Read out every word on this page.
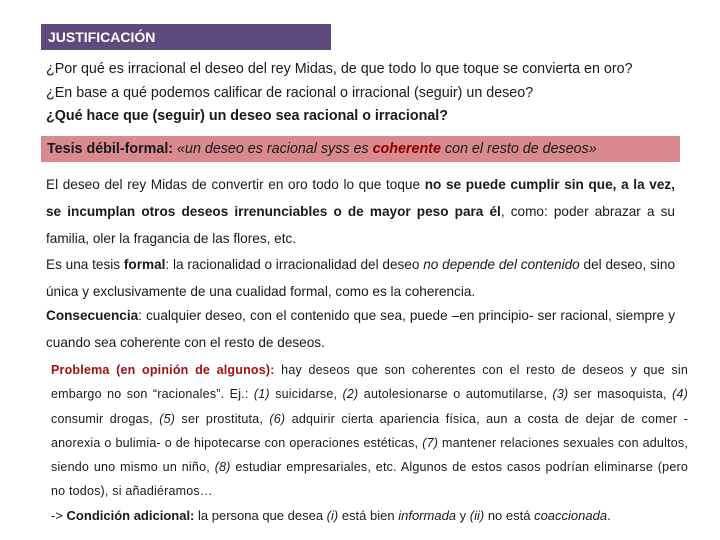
JUSTIFICACIÓN
¿Por qué es irracional el deseo del rey Midas, de que todo lo que toque se convierta en oro?
¿En base a qué podemos calificar de racional o irracional (seguir) un deseo?
¿Qué hace que (seguir) un deseo sea racional o irracional?
Tesis débil-formal: «un deseo es racional syss es coherente con el resto de deseos»
El deseo del rey Midas de convertir en oro todo lo que toque no se puede cumplir sin que, a la vez, se incumplan otros deseos irrenunciables o de mayor peso para él, como: poder abrazar a su familia, oler la fragancia de las flores, etc.
Es una tesis formal: la racionalidad o irracionalidad del deseo no depende del contenido del deseo, sino única y exclusivamente de una cualidad formal, como es la coherencia.
Consecuencia: cualquier deseo, con el contenido que sea, puede –en principio- ser racional, siempre y cuando sea coherente con el resto de deseos.
Problema (en opinión de algunos): hay deseos que son coherentes con el resto de deseos y que sin embargo no son “racionales”. Ej.: (1) suicidarse, (2) autolesionarse o automutilarse, (3) ser masoquista, (4) consumir drogas, (5) ser prostituta, (6) adquirir cierta apariencia física, aun a costa de dejar de comer -anorexia o bulimia- o de hipotecarse con operaciones estéticas, (7) mantener relaciones sexuales con adultos, siendo uno mismo un niño, (8) estudiar empresariales, etc. Algunos de estos casos podrían eliminarse (pero no todos), si añadiéramos…
-> Condición adicional: la persona que desea (i) está bien informada y (ii) no está coaccionada.
